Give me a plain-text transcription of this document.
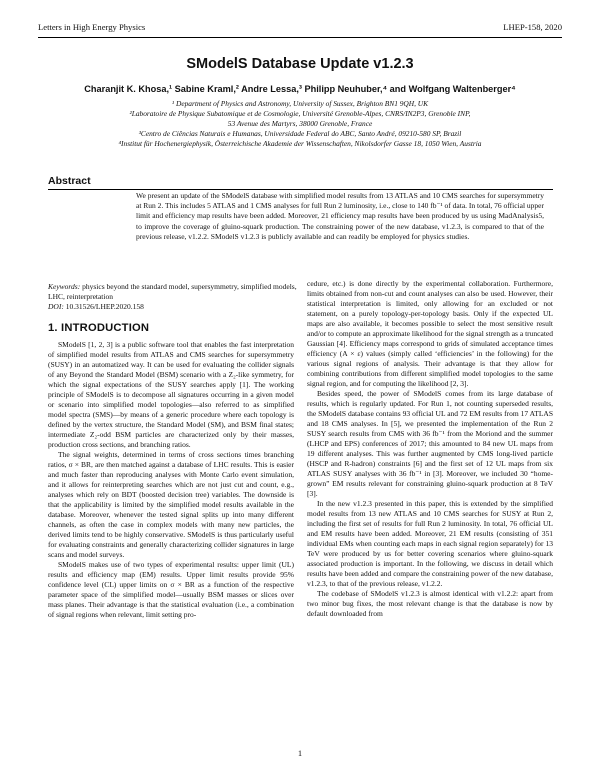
Letters in High Energy Physics	LHEP-158, 2020
SModelS Database Update v1.2.3
Charanjit K. Khosa,¹ Sabine Kraml,² Andre Lessa,³ Philipp Neuhuber,⁴ and Wolfgang Waltenberger⁴
¹ Department of Physics and Astronomy, University of Sussex, Brighton BN1 9QH, UK
²Laboratoire de Physique Subatomique et de Cosmologie, Université Grenoble-Alpes, CNRS/IN2P3, Grenoble INP,
53 Avenue des Martyrs, 38000 Grenoble, France
³Centro de Ciências Naturais e Humanas, Universidade Federal do ABC, Santo André, 09210-580 SP, Brazil
⁴Institut für Hochenergiephysik, Österreichische Akademie der Wissenschaften, Nikolsdorfer Gasse 18, 1050 Wien, Austria
Abstract
We present an update of the SModelS database with simplified model results from 13 ATLAS and 10 CMS searches for supersymmetry at Run 2. This includes 5 ATLAS and 1 CMS analyses for full Run 2 luminosity, i.e., close to 140 fb⁻¹ of data. In total, 76 official upper limit and efficiency map results have been added. Moreover, 21 efficiency map results have been produced by us using MadAnalysis5, to improve the coverage of gluino-squark production. The constraining power of the new database, v1.2.3, is compared to that of the previous release, v1.2.2. SModelS v1.2.3 is publicly available and can readily be employed for physics studies.
Keywords: physics beyond the standard model, supersymmetry, simplified models, LHC, reinterpretation
DOI: 10.31526/LHEP.2020.158
1. INTRODUCTION

SModelS [1, 2, 3] is a public software tool that enables the fast interpretation of simplified model results from ATLAS and CMS searches for supersymmetry (SUSY) in an automatized way. It can be used for evaluating the collider signals of any Beyond the Standard Model (BSM) scenario with a Z₂-like symmetry, for which the signal expectations of the SUSY searches apply [1]. The working principle of SModelS is to decompose all signatures occurring in a given model or scenario into simplified model topologies—also referred to as simplified model spectra (SMS)—by means of a generic procedure where each topology is defined by the vertex structure, the Standard Model (SM), and BSM final states; intermediate Z₂-odd BSM particles are characterized only by their masses, production cross sections, and branching ratios.

The signal weights, determined in terms of cross sections times branching ratios, σ × BR, are then matched against a database of LHC results. This is easier and much faster than reproducing analyses with Monte Carlo event simulation, and it allows for reinterpreting searches which are not just cut and count, e.g., analyses which rely on BDT (boosted decision tree) variables. The downside is that the applicability is limited by the simplified model results available in the database. Moreover, whenever the tested signal splits up into many different channels, as often the case in complex models with many new particles, the derived limits tend to be highly conservative. SModelS is thus particularly useful for evaluating constraints and generally characterizing collider signatures in large scans and model surveys.

SModelS makes use of two types of experimental results: upper limit (UL) results and efficiency map (EM) results. Upper limit results provide 95% confidence level (CL) upper limits on σ × BR as a function of the respective parameter space of the simplified model—usually BSM masses or slices over mass planes. Their advantage is that the statistical evaluation (i.e., a combination of signal regions when relevant, limit setting pro-

cedure, etc.) is done directly by the experimental collaboration. Furthermore, limits obtained from non-cut and count analyses can also be used. However, their statistical interpretation is limited, only allowing for an excluded or not statement, on a purely topology-per-topology basis. Only if the expected UL maps are also available, it becomes possible to select the most sensitive result and/or to compute an approximate likelihood for the signal strength as a truncated Gaussian [4]. Efficiency maps correspond to grids of simulated acceptance times efficiency (A × ε) values (simply called ‘efficiencies’ in the following) for the various signal regions of analysis. Their advantage is that they allow for combining contributions from different simplified model topologies to the same signal region, and for computing the likelihood [2, 3].

Besides speed, the power of SModelS comes from its large database of results, which is regularly updated. For Run 1, not counting superseded results, the SModelS database contains 93 official UL and 72 EM results from 17 ATLAS and 18 CMS analyses. In [5], we presented the implementation of the Run 2 SUSY search results from CMS with 36 fb⁻¹ from the Moriond and the summer (LHCP and EPS) conferences of 2017; this amounted to 84 new UL maps from 19 different analyses. This was further augmented by CMS long-lived particle (HSCP and R-hadron) constraints [6] and the first set of 12 UL maps from six ATLAS SUSY analyses with 36 fb⁻¹ in [3]. Moreover, we included 30 “home-grown” EM results relevant for constraining gluino-squark production at 8 TeV [3].

In the new v1.2.3 presented in this paper, this is extended by the simplified model results from 13 new ATLAS and 10 CMS searches for SUSY at Run 2, including the first set of results for full Run 2 luminosity. In total, 76 official UL and EM results have been added. Moreover, 21 EM results (consisting of 351 individual EMs when counting each maps in each signal region separately) for 13 TeV were produced by us for better covering scenarios where gluino-squark associated production is important. In the following, we discuss in detail which results have been added and compare the constraining power of the new database, v1.2.3, to that of the previous release, v1.2.2.

The codebase of SModelS v1.2.3 is almost identical with v1.2.2: apart from two minor bug fixes, the most relevant change is that the database is now by default downloaded from

1
